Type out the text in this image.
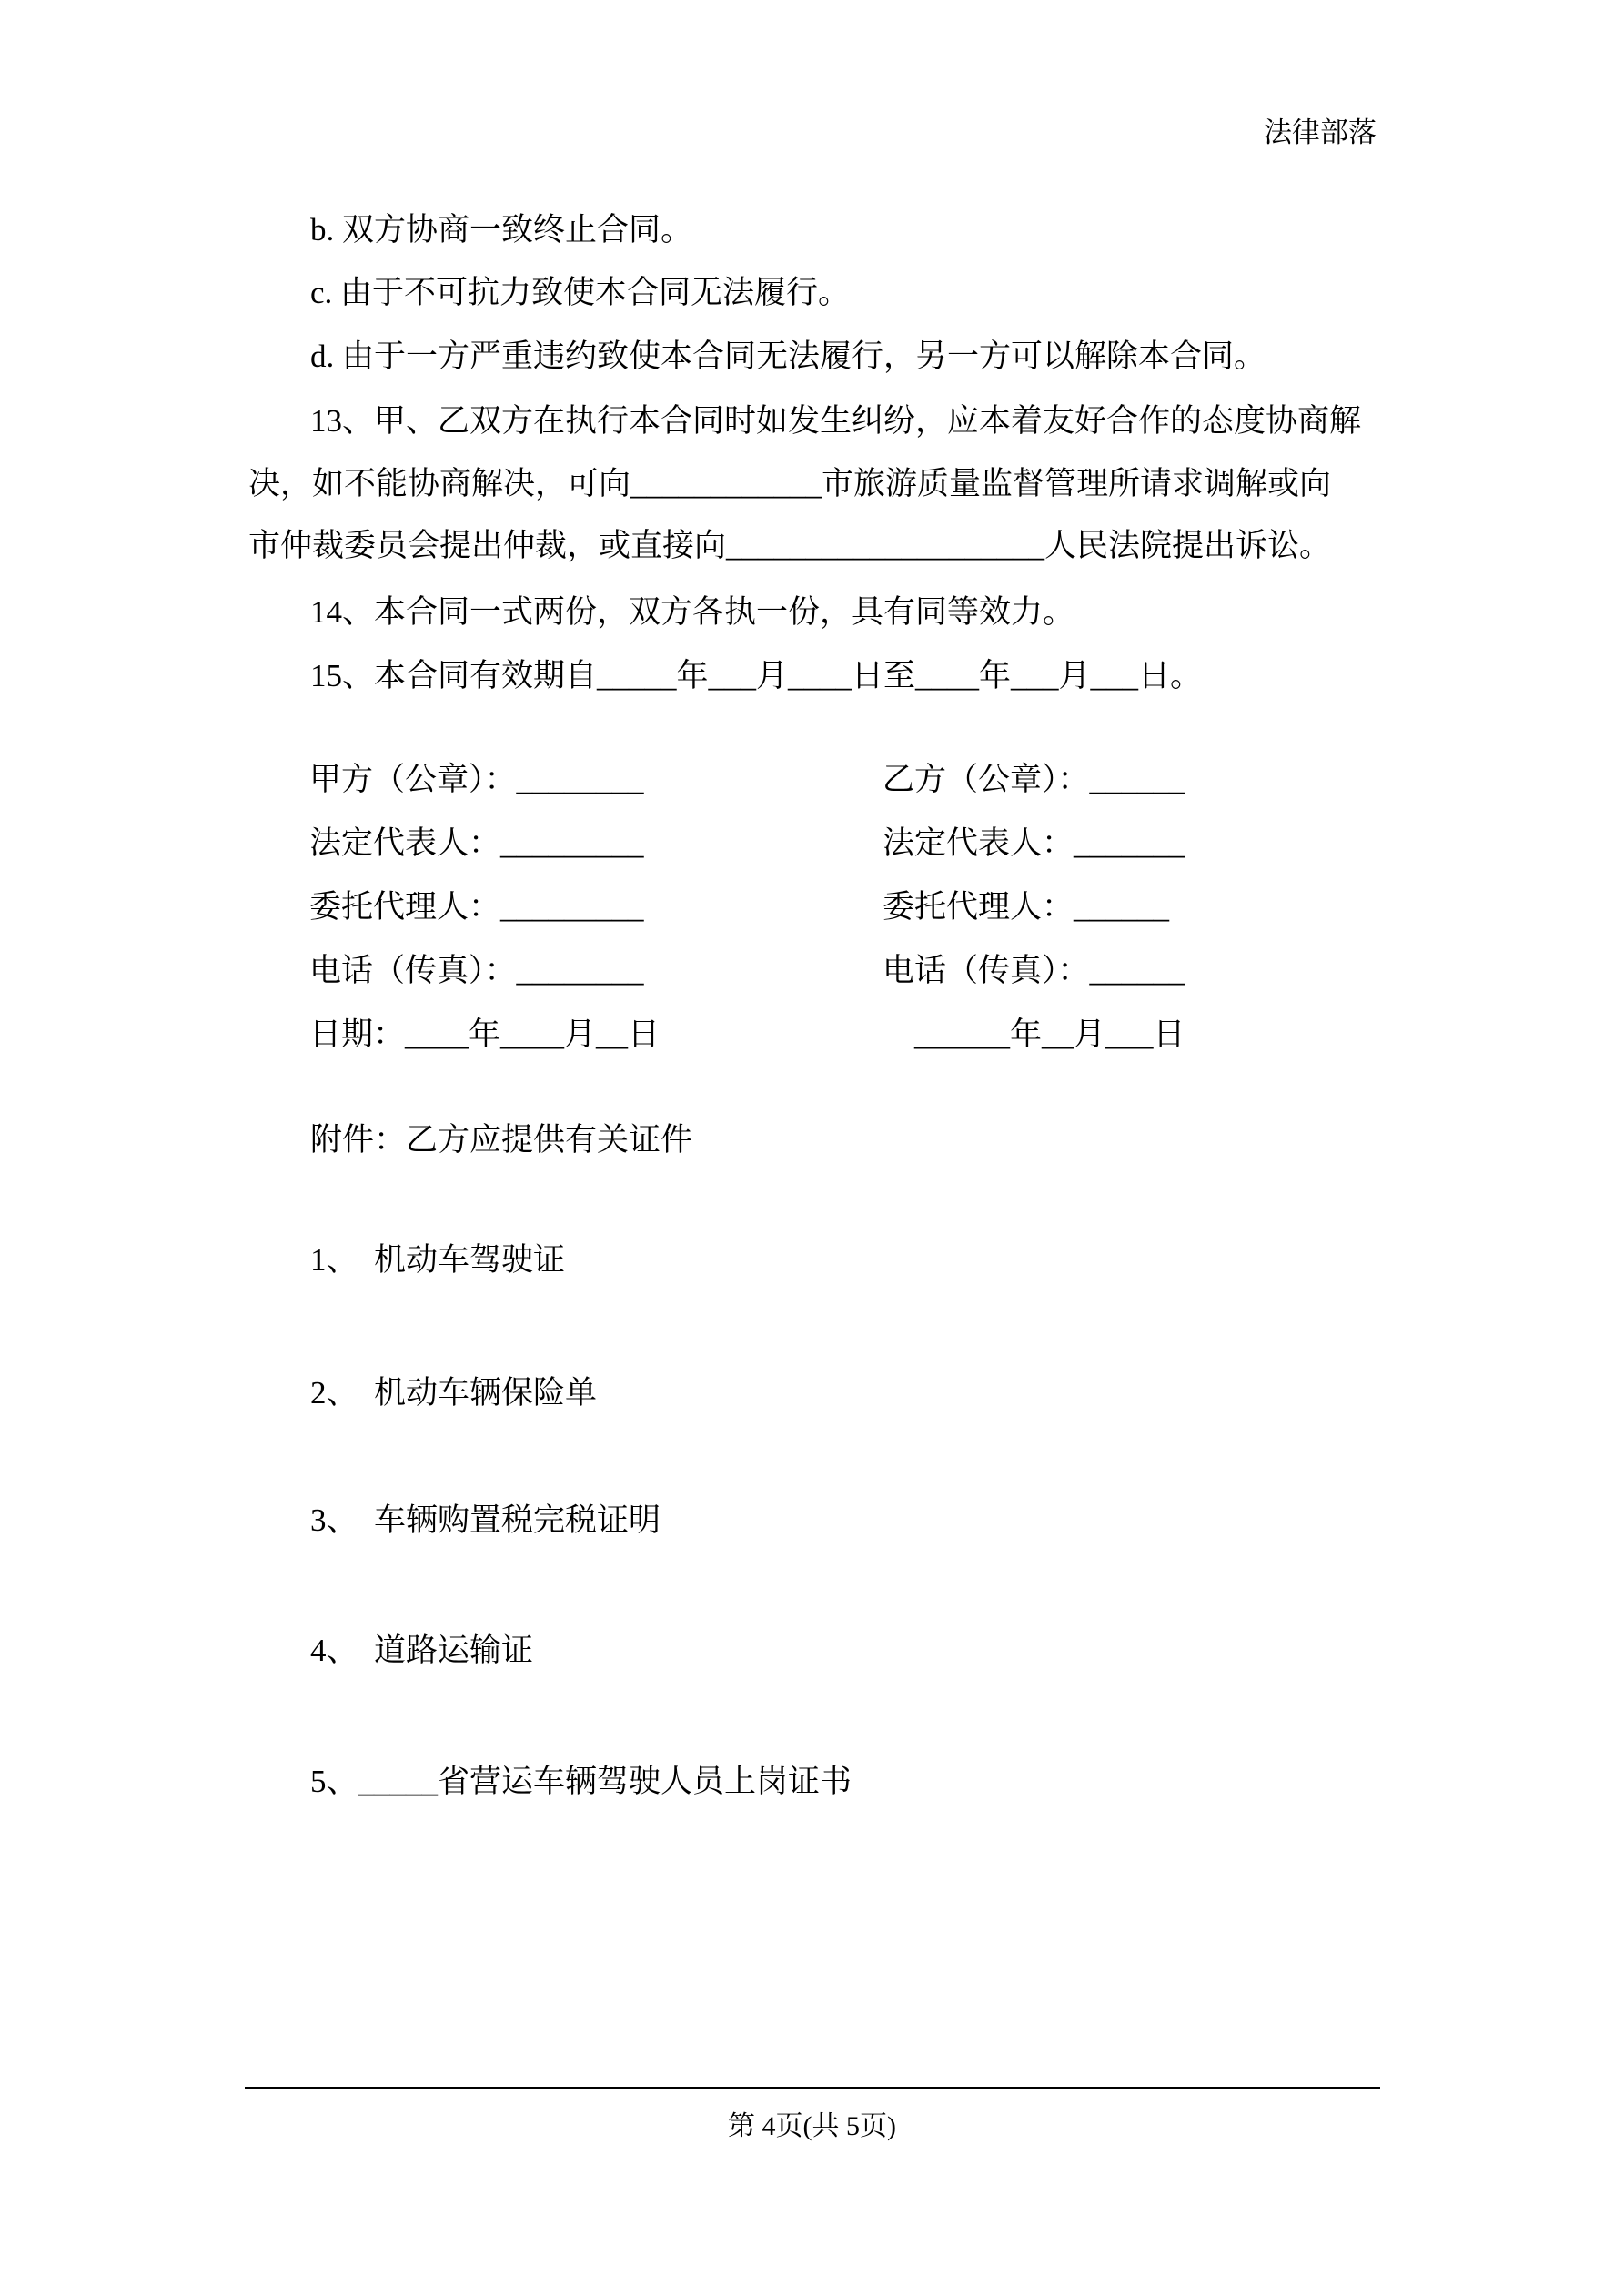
法律部落
b. 双方协商一致终止合同。
c. 由于不可抗力致使本合同无法履行。
d. 由于一方严重违约致使本合同无法履行，另一方可以解除本合同。
13、甲、乙双方在执行本合同时如发生纠纷，应本着友好合作的态度协商解
决，如不能协商解决，可向____________市旅游质量监督管理所请求调解或向
市仲裁委员会提出仲裁，或直接向____________________人民法院提出诉讼。
14、本合同一式两份，双方各执一份，具有同等效力。
15、本合同有效期自_____年___月____日至____年___月___日。
甲方（公章）：________	乙方（公章）：______
法定代表人：_________	法定代表人：_______
委托代理人：_________	委托代理人：______
电话（传真）：________	电话（传真）：______
日期：____年____月__日	______年__月___日
附件：乙方应提供有关证件
1、  机动车驾驶证
2、  机动车辆保险单
3、  车辆购置税完税证明
4、  道路运输证
5、_____省营运车辆驾驶人员上岗证书
第 4页(共 5页)
